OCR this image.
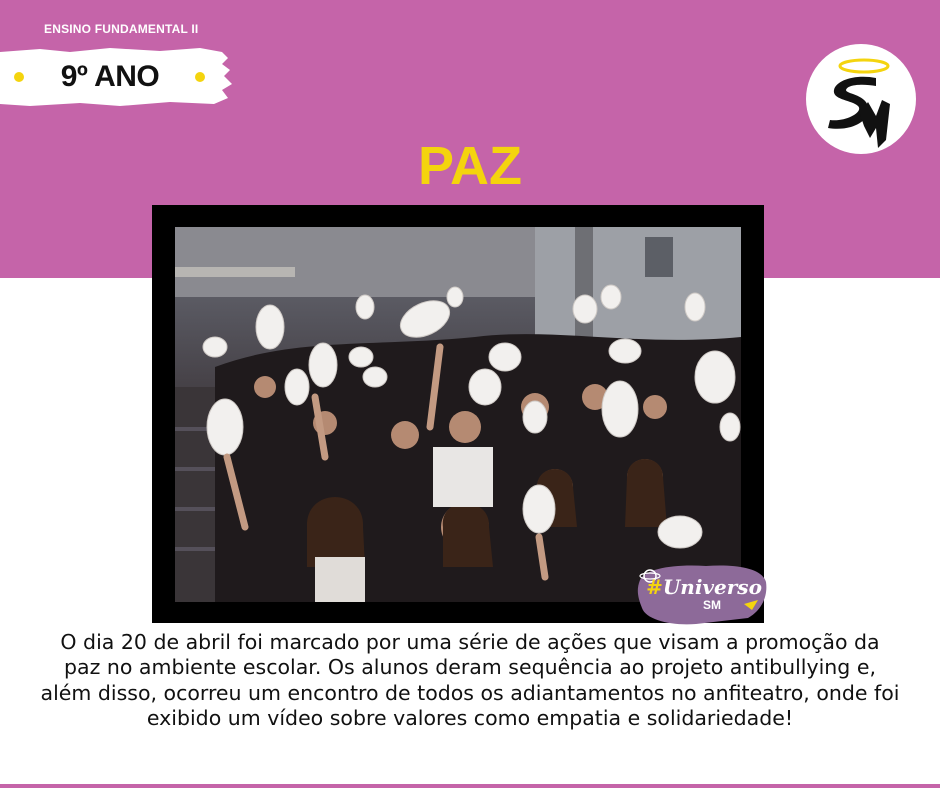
ENSINO FUNDAMENTAL II
9º ANO
PAZ
#Universo
SM
O dia 20 de abril foi marcado por uma série de ações que visam a promoção da paz no ambiente escolar. Os alunos deram sequência ao projeto antibullying e, além disso, ocorreu um encontro de todos os adiantamentos no anfiteatro, onde foi exibido um vídeo sobre valores como empatia e solidariedade!
